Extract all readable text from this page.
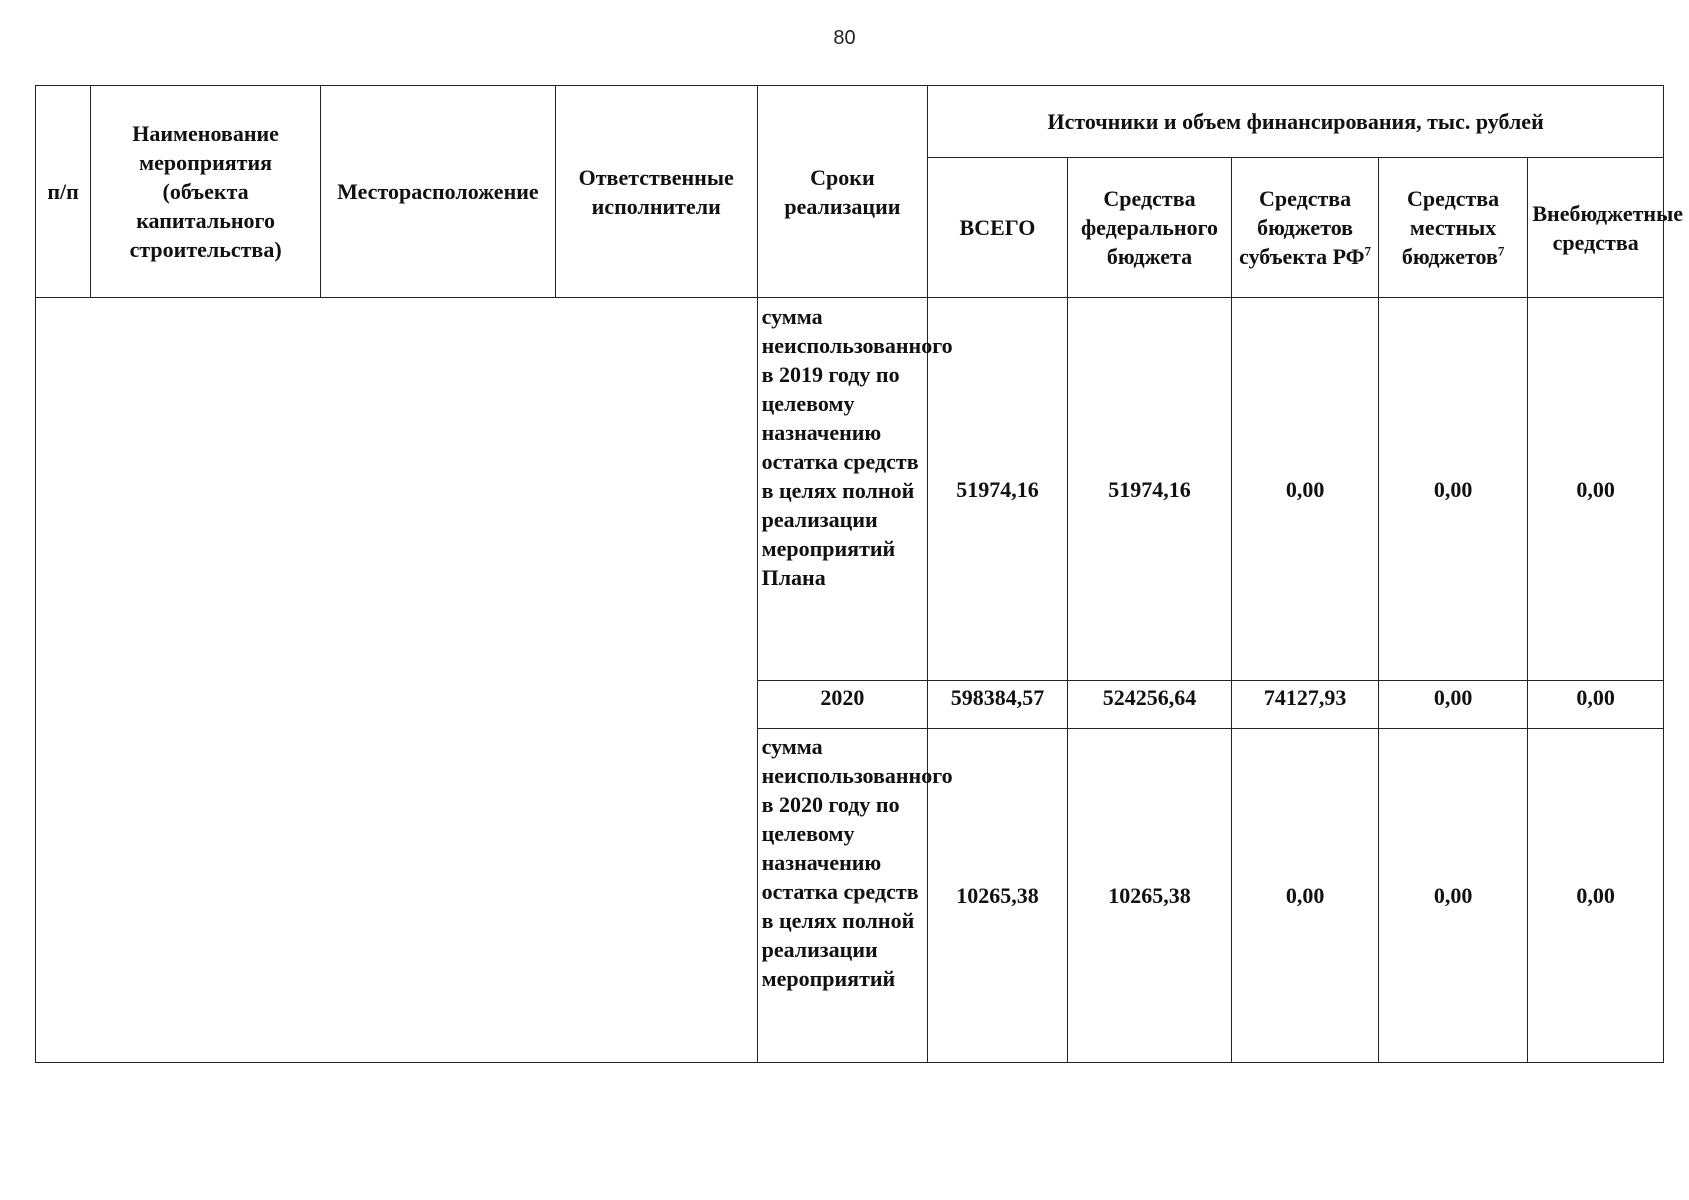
80
п/п	Наименование мероприятия (объекта капитального строительства)	Месторасположение	Ответственные исполнители	Сроки реализации	Источники и объем финансирования, тыс. рублей				
					ВСЕГО	Средства федерального бюджета	Средства бюджетов субъекта $РФ^7$	Средства местных бюджетов$^7$	Внебюджетные средства
				сумма неиспользованного в 2019 году по целевому назначению остатка средств в целях полной реализации мероприятий Плана	51974,16	51974,16	0,00	0,00	0,00
				2020	598384,57	524256,64	74127,93	0,00	0,00
				сумма неиспользованного в 2020 году по целевому назначению остатка средств в целях полной реализации мероприятий	10265,38	10265,38	0,00	0,00	0,00
